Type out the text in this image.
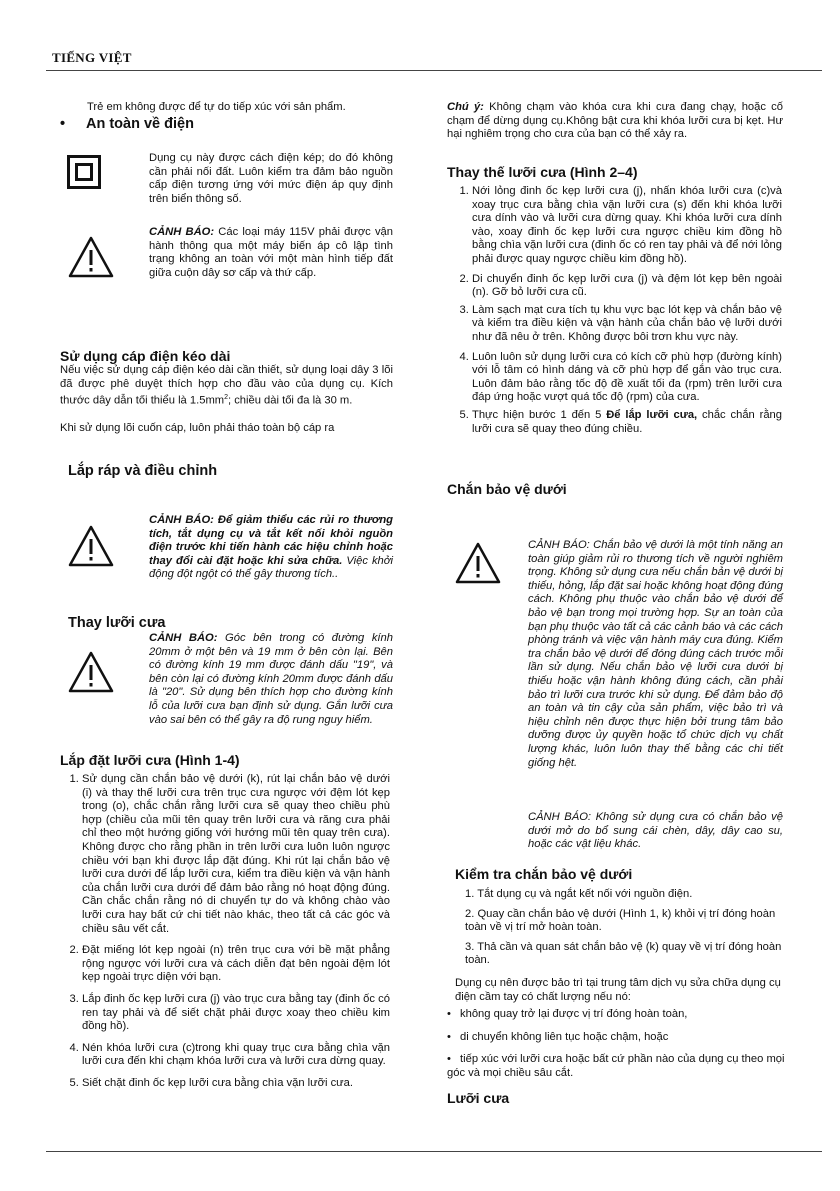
TIẾNG VIỆT
Trẻ em không được để tự do tiếp xúc với sản phẩm.
• An toàn về điện
Dụng cụ này được cách điện kép; do đó không cần phải nối đất. Luôn kiểm tra đảm bảo nguồn cấp điện tương ứng với mức điện áp quy định trên biển thông số.
CẢNH BÁO: Các loại máy 115V phải được vận hành thông qua một máy biến áp cô lập tình trạng không an toàn với một màn hình tiếp đất giữa cuộn dây sơ cấp và thứ cấp.
Sử dụng cáp điện kéo dài
Nếu việc sử dụng cáp điện kéo dài cần thiết, sử dụng loại dây 3 lõi đã được phê duyệt thích hợp cho đầu vào của dụng cụ. Kích thước dây dẫn tối thiểu là $1.5mm^2$; chiều dài tối đa là 30 m.
Khi sử dụng lõi cuốn cáp, luôn phải tháo toàn bộ cáp ra
Lắp ráp và điều chỉnh
CẢNH BÁO: Để giảm thiểu các rủi ro thương tích, tắt dụng cụ và tắt kết nối khỏi nguồn điện trước khi tiến hành các hiệu chỉnh hoặc thay đổi cài đặt hoặc khi sửa chữa. Việc khởi động đột ngột có thể gây thương tích..
Thay lưỡi cưa
CẢNH BÁO: Góc bên trong có đường kính 20mm ở một bên và 19 mm ở bên còn lại. Bên có đường kính 19 mm được đánh dấu "19", và bên còn lại có đường kính 20mm được đánh dấu là "20". Sử dụng bên thích hợp cho đường kính lỗ của lưỡi cưa bạn định sử dụng. Gắn lưỡi cưa vào sai bên có thể gây ra độ rung nguy hiểm.
Lắp đặt lưỡi cưa (Hình 1-4)
1. Sử dụng cần chắn bảo vệ dưới (k), rút lại chắn bảo vệ dưới (i) và thay thế lưỡi cưa trên trục cưa ngược với đệm lót kẹp trong (o), chắc chắn rằng lưỡi cưa sẽ quay theo chiều phù hợp (chiều của mũi tên quay trên lưỡi cưa và răng cưa phải chỉ theo một hướng giống với hướng mũi tên quay trên cưa). Không được cho rằng phần in trên lưỡi cưa luôn luôn ngược chiều với bạn khi được lắp đặt đúng. Khi rút lại chắn bảo vệ lưỡi cưa dưới để lắp lưỡi cưa, kiểm tra điều kiện và vận hành của chắn lưỡi cưa dưới để đảm bảo rằng nó hoạt động đúng. Cần chắc chắn rằng nó di chuyển tự do và không chào vào lưỡi cưa hay bất cứ chi tiết nào khác, theo tất cả các góc và chiều sâu vết cắt.
2. Đặt miếng lót kẹp ngoài (n) trên trục cưa với bề mặt phẳng rộng ngược với lưỡi cưa và cách diễn đạt bên ngoài đệm lót kẹp ngoài trực diện với bạn.
3. Lắp đinh ốc kẹp lưỡi cưa (j) vào trục cưa bằng tay (đinh ốc có ren tay phải và để siết chặt phải được xoay theo chiều kim đồng hồ).
4. Nén khóa lưỡi cưa (c)trong khi quay trục cưa bằng chìa vặn lưỡi cưa đến khi chạm khóa lưỡi cưa và lưỡi cưa dừng quay.
5. Siết chặt đinh ốc kẹp lưỡi cưa bằng chìa vặn lưỡi cưa.
Chú ý: Không chạm vào khóa cưa khi cưa đang chạy, hoặc cố chạm để dừng dụng cụ.Không bật cưa khi khóa lưỡi cưa bị kẹt. Hư hại nghiêm trọng cho cưa của bạn có thể xảy ra.
Thay thế lưỡi cưa (Hình 2–4)
1. Nới lỏng đinh ốc kẹp lưỡi cưa (j), nhấn khóa lưỡi cưa (c)và xoay trục cưa bằng chìa vặn lưỡi cưa (s) đến khi khóa lưỡi cưa dính vào và lưỡi cưa dừng quay. Khi khóa lưỡi cưa dính vào, xoay đinh ốc kẹp lưỡi cưa ngược chiều kim đồng hồ bằng chìa vặn lưỡi cưa (đinh ốc có ren tay phải và để nới lỏng phải được quay ngược chiều kim đồng hồ).
2. Di chuyển đinh ốc kẹp lưỡi cưa (j) và đệm lót kẹp bên ngoài (n). Gỡ bỏ lưỡi cưa cũ.
3. Làm sạch mạt cưa tích tụ khu vực bạc lót kẹp và chắn bảo vệ và kiểm tra điều kiện và vận hành của chắn bảo vệ lưỡi dưới như đã nêu ở trên. Không được bôi trơn khu vực này.
4. Luôn luôn sử dụng lưỡi cưa có kích cỡ phù hợp (đường kính) với lỗ tâm có hình dáng và cỡ phù hợp để gắn vào trục cưa. Luôn đảm bảo rằng tốc độ đề xuất tối đa (rpm) trên lưỡi cưa đáp ứng hoặc vượt quá tốc độ (rpm) của cưa.
5. Thực hiện bước 1 đến 5 Để lắp lưỡi cưa, chắc chắn rằng lưỡi cưa sẽ quay theo đúng chiều.
Chắn bảo vệ dưới
CẢNH BÁO: Chắn bảo vệ dưới là một tính năng an toàn giúp giảm rủi ro thương tích về người nghiêm trọng. Không sử dụng cưa nếu chắn bản vệ dưới bị thiếu, hỏng, lắp đặt sai hoặc không hoạt động đúng cách. Không phụ thuộc vào chắn bảo vệ dưới để bảo vệ bạn trong mọi trường hợp. Sự an toàn của bạn phụ thuộc vào tất cả các cảnh báo và các cách phòng tránh và việc vận hành máy cưa đúng. Kiểm tra chắn bảo vệ dưới để đóng đúng cách trước mỗi lần sử dụng. Nếu chắn bảo vệ lưỡi cưa dưới bị thiếu hoặc vận hành không đúng cách, cần phải bảo trì lưỡi cưa trước khi sử dụng. Để đảm bảo độ an toàn và tin cậy của sản phẩm, việc bảo trì và hiệu chỉnh nên được thực hiện bởi trung tâm bảo dưỡng được ủy quyền hoặc tổ chức dịch vụ chất lượng khác, luôn luôn thay thế bằng các chi tiết giống hệt.
CẢNH BÁO: Không sử dụng cưa có chắn bảo vệ dưới mở do bổ sung cái chèn, dây, dây cao su, hoặc các vật liệu khác.
Kiểm tra chắn bảo vệ dưới
1. Tắt dụng cụ và ngắt kết nối với nguồn điện.
2. Quay cần chắn bảo vệ dưới (Hình 1, k) khỏi vị trí đóng hoàn toàn về vị trí mở hoàn toàn.
3. Thả cần và quan sát chắn bảo vệ (k) quay về vị trí đóng hoàn toàn.
Dụng cụ nên được bảo trì tại trung tâm dịch vụ sửa chữa dụng cụ điện cầm tay có chất lượng nếu nó:
• không quay trở lại được vị trí đóng hoàn toàn,
• di chuyển không liên tục hoặc chậm, hoặc
• tiếp xúc với lưỡi cưa hoặc bất cứ phần nào của dụng cụ theo mọi góc và mọi chiều sâu cắt.
Lưỡi cưa
